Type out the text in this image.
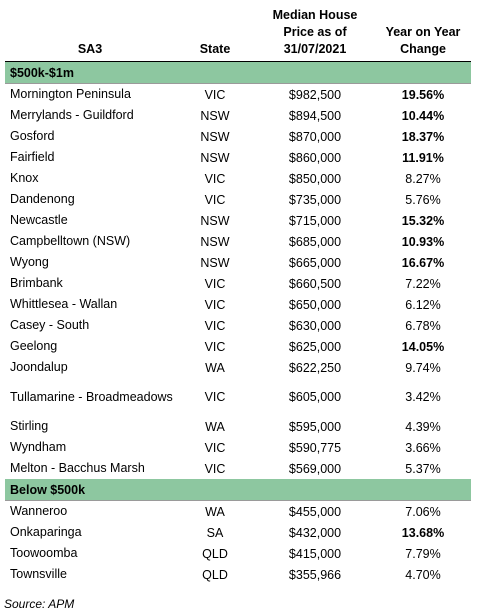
SA3	State	Median House Price as of 31/07/2021	Year on Year Change
$500k-$1m			
Mornington Peninsula	VIC	$982,500	19.56%
Merrylands - Guildford	NSW	$894,500	10.44%
Gosford	NSW	$870,000	18.37%
Fairfield	NSW	$860,000	11.91%
Knox	VIC	$850,000	8.27%
Dandenong	VIC	$735,000	5.76%
Newcastle	NSW	$715,000	15.32%
Campbelltown (NSW)	NSW	$685,000	10.93%
Wyong	NSW	$665,000	16.67%
Brimbank	VIC	$660,500	7.22%
Whittlesea - Wallan	VIC	$650,000	6.12%
Casey - South	VIC	$630,000	6.78%
Geelong	VIC	$625,000	14.05%
Joondalup	WA	$622,250	9.74%
Tullamarine - Broadmeadows	VIC	$605,000	3.42%
Stirling	WA	$595,000	4.39%
Wyndham	VIC	$590,775	3.66%
Melton - Bacchus Marsh	VIC	$569,000	5.37%
Below $500k			
Wanneroo	WA	$455,000	7.06%
Onkaparinga	SA	$432,000	13.68%
Toowoomba	QLD	$415,000	7.79%
Townsville	QLD	$355,966	4.70%
Source: APM
